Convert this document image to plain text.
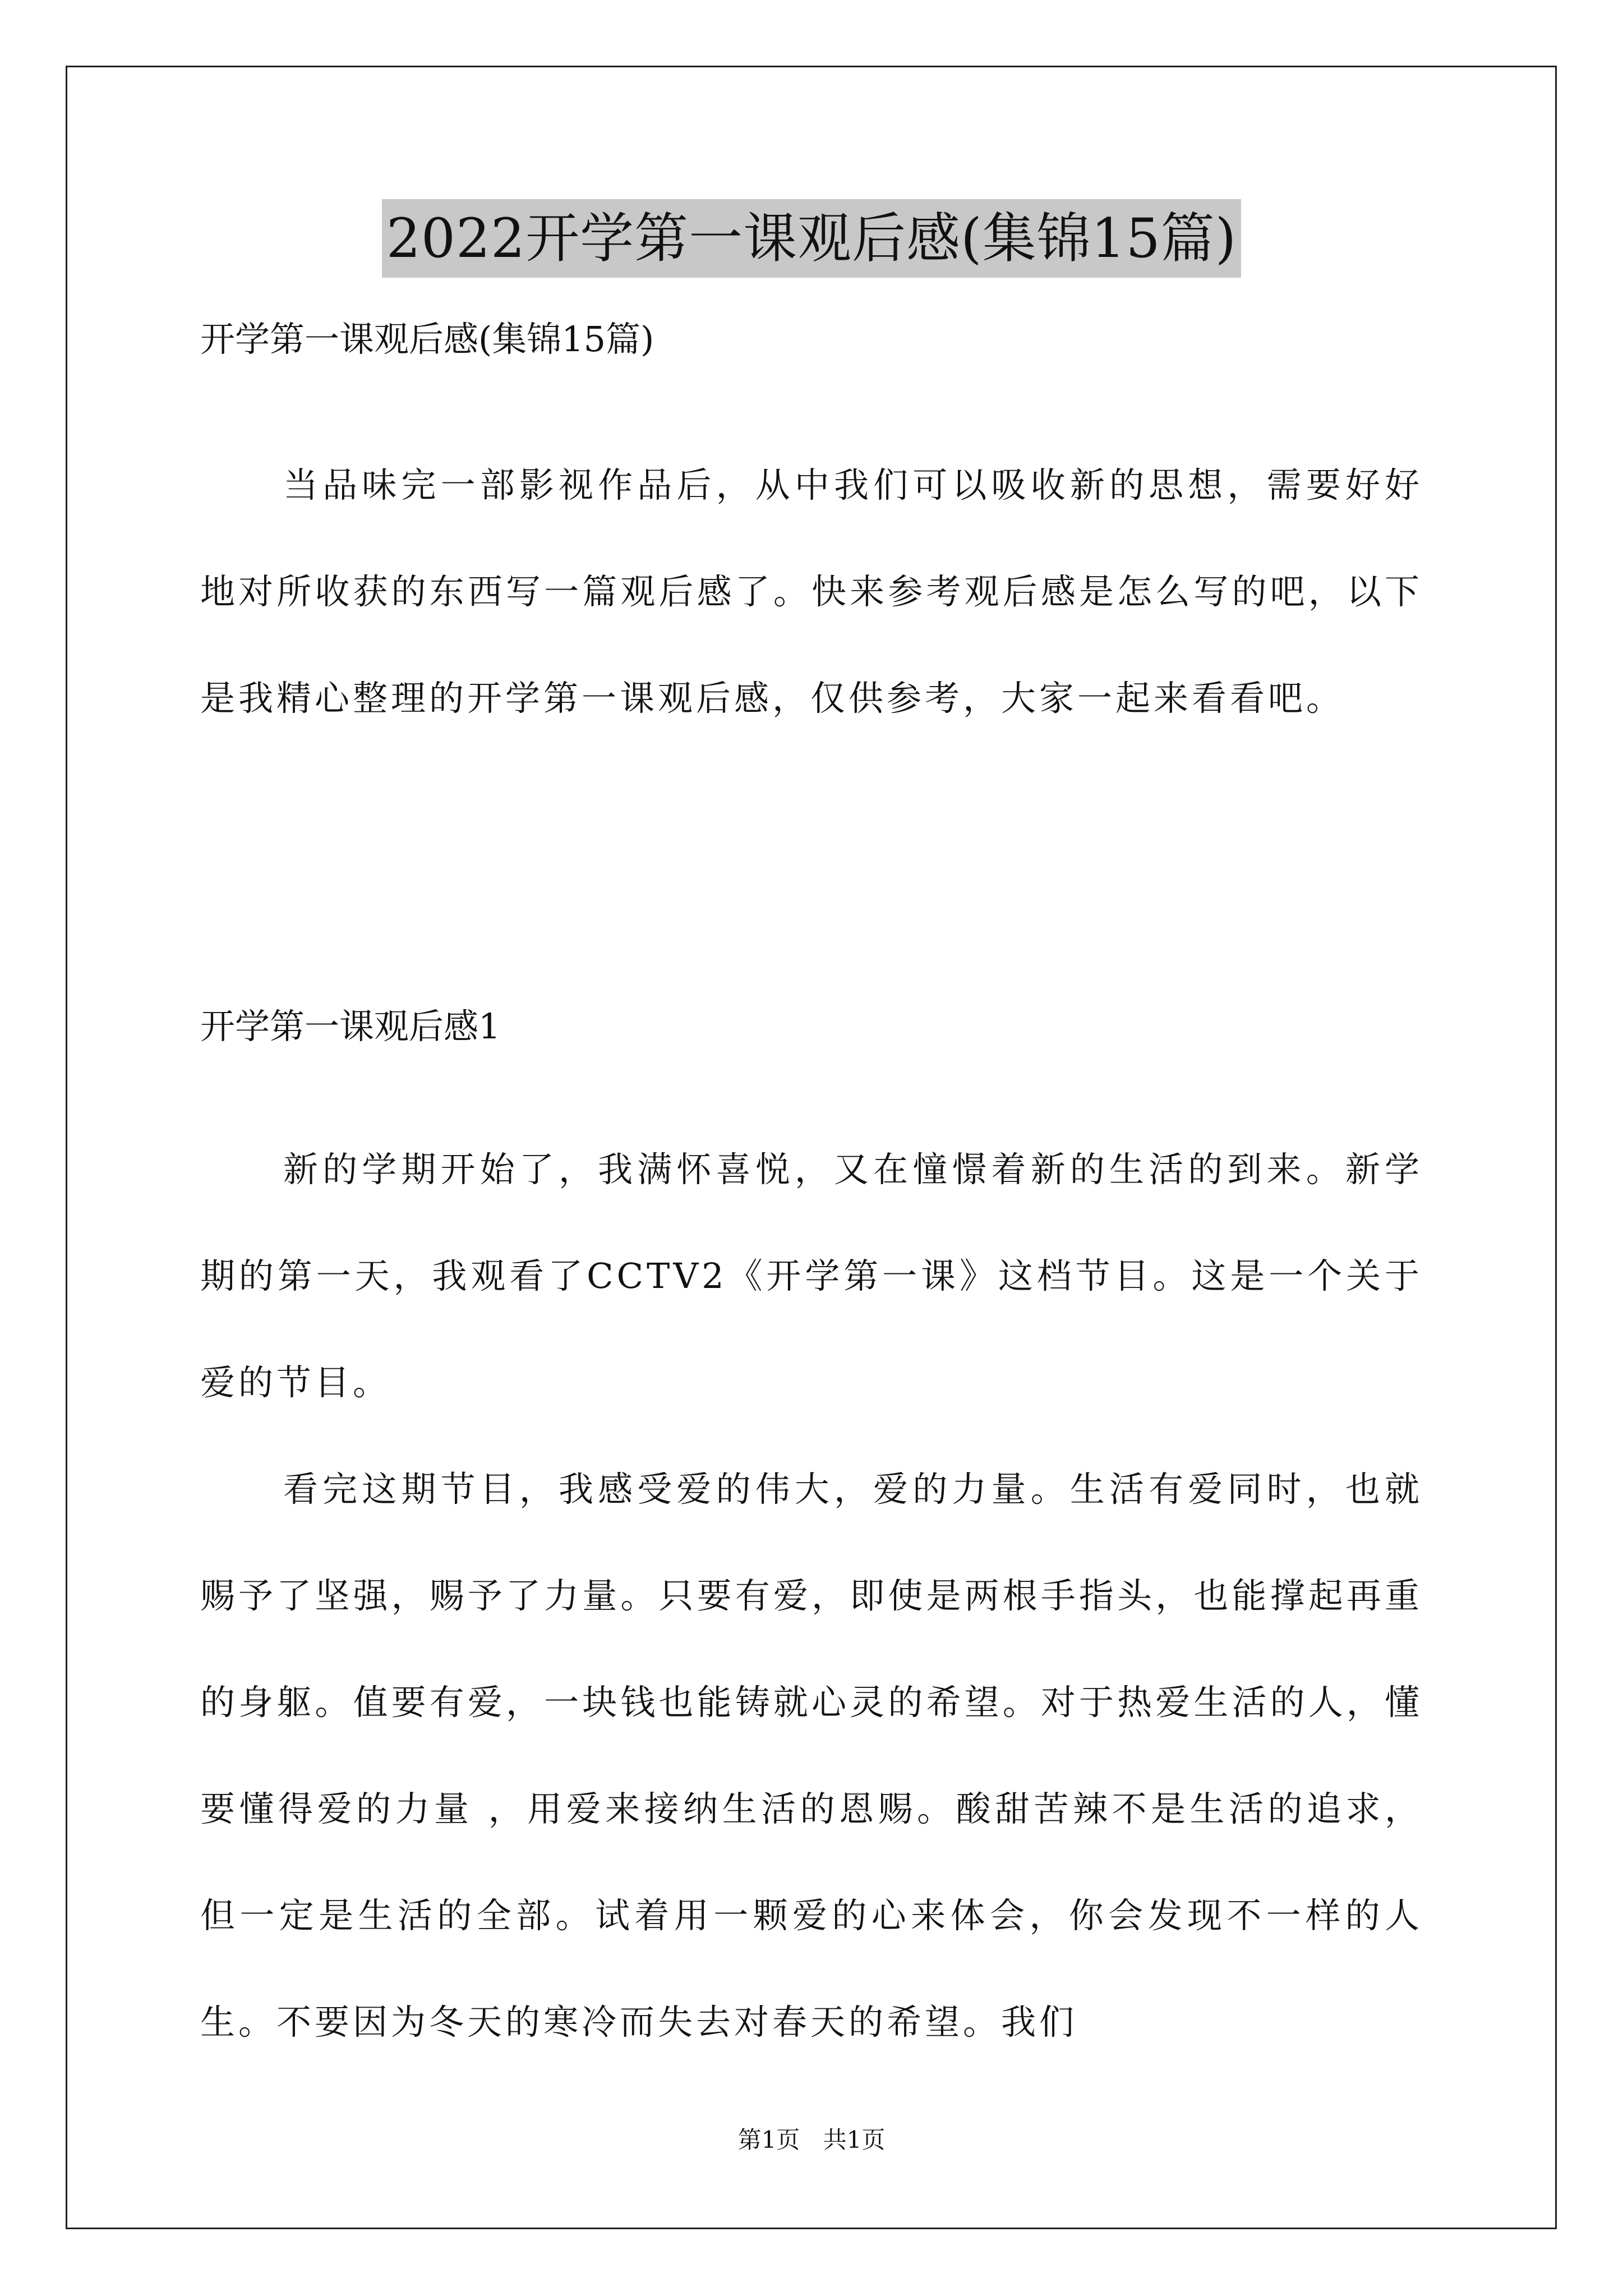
2022开学第一课观后感(集锦15篇)
开学第一课观后感(集锦15篇)
当品味完一部影视作品后，从中我们可以吸收新的思想，需要好好地对所收获的东西写一篇观后感了。快来参考观后感是怎么写的吧，以下是我精心整理的开学第一课观后感，仅供参考，大家一起来看看吧。
开学第一课观后感1
新的学期开始了，我满怀喜悦，又在憧憬着新的生活的到来。新学期的第一天，我观看了CCTV2《开学第一课》这档节目。这是一个关于爱的节目。
看完这期节目，我感受爱的伟大，爱的力量。生活有爱同时，也就赐予了坚强，赐予了力量。只要有爱，即使是两根手指头，也能撑起再重的身躯。值要有爱，一块钱也能铸就心灵的希望。对于热爱生活的人，懂要懂得爱的力量 ，用爱来接纳生活的恩赐。酸甜苦辣不是生活的追求，但一定是生活的全部。试着用一颗爱的心来体会，你会发现不一样的人生。不要因为冬天的寒冷而失去对春天的希望。我们
第1页 共1页
